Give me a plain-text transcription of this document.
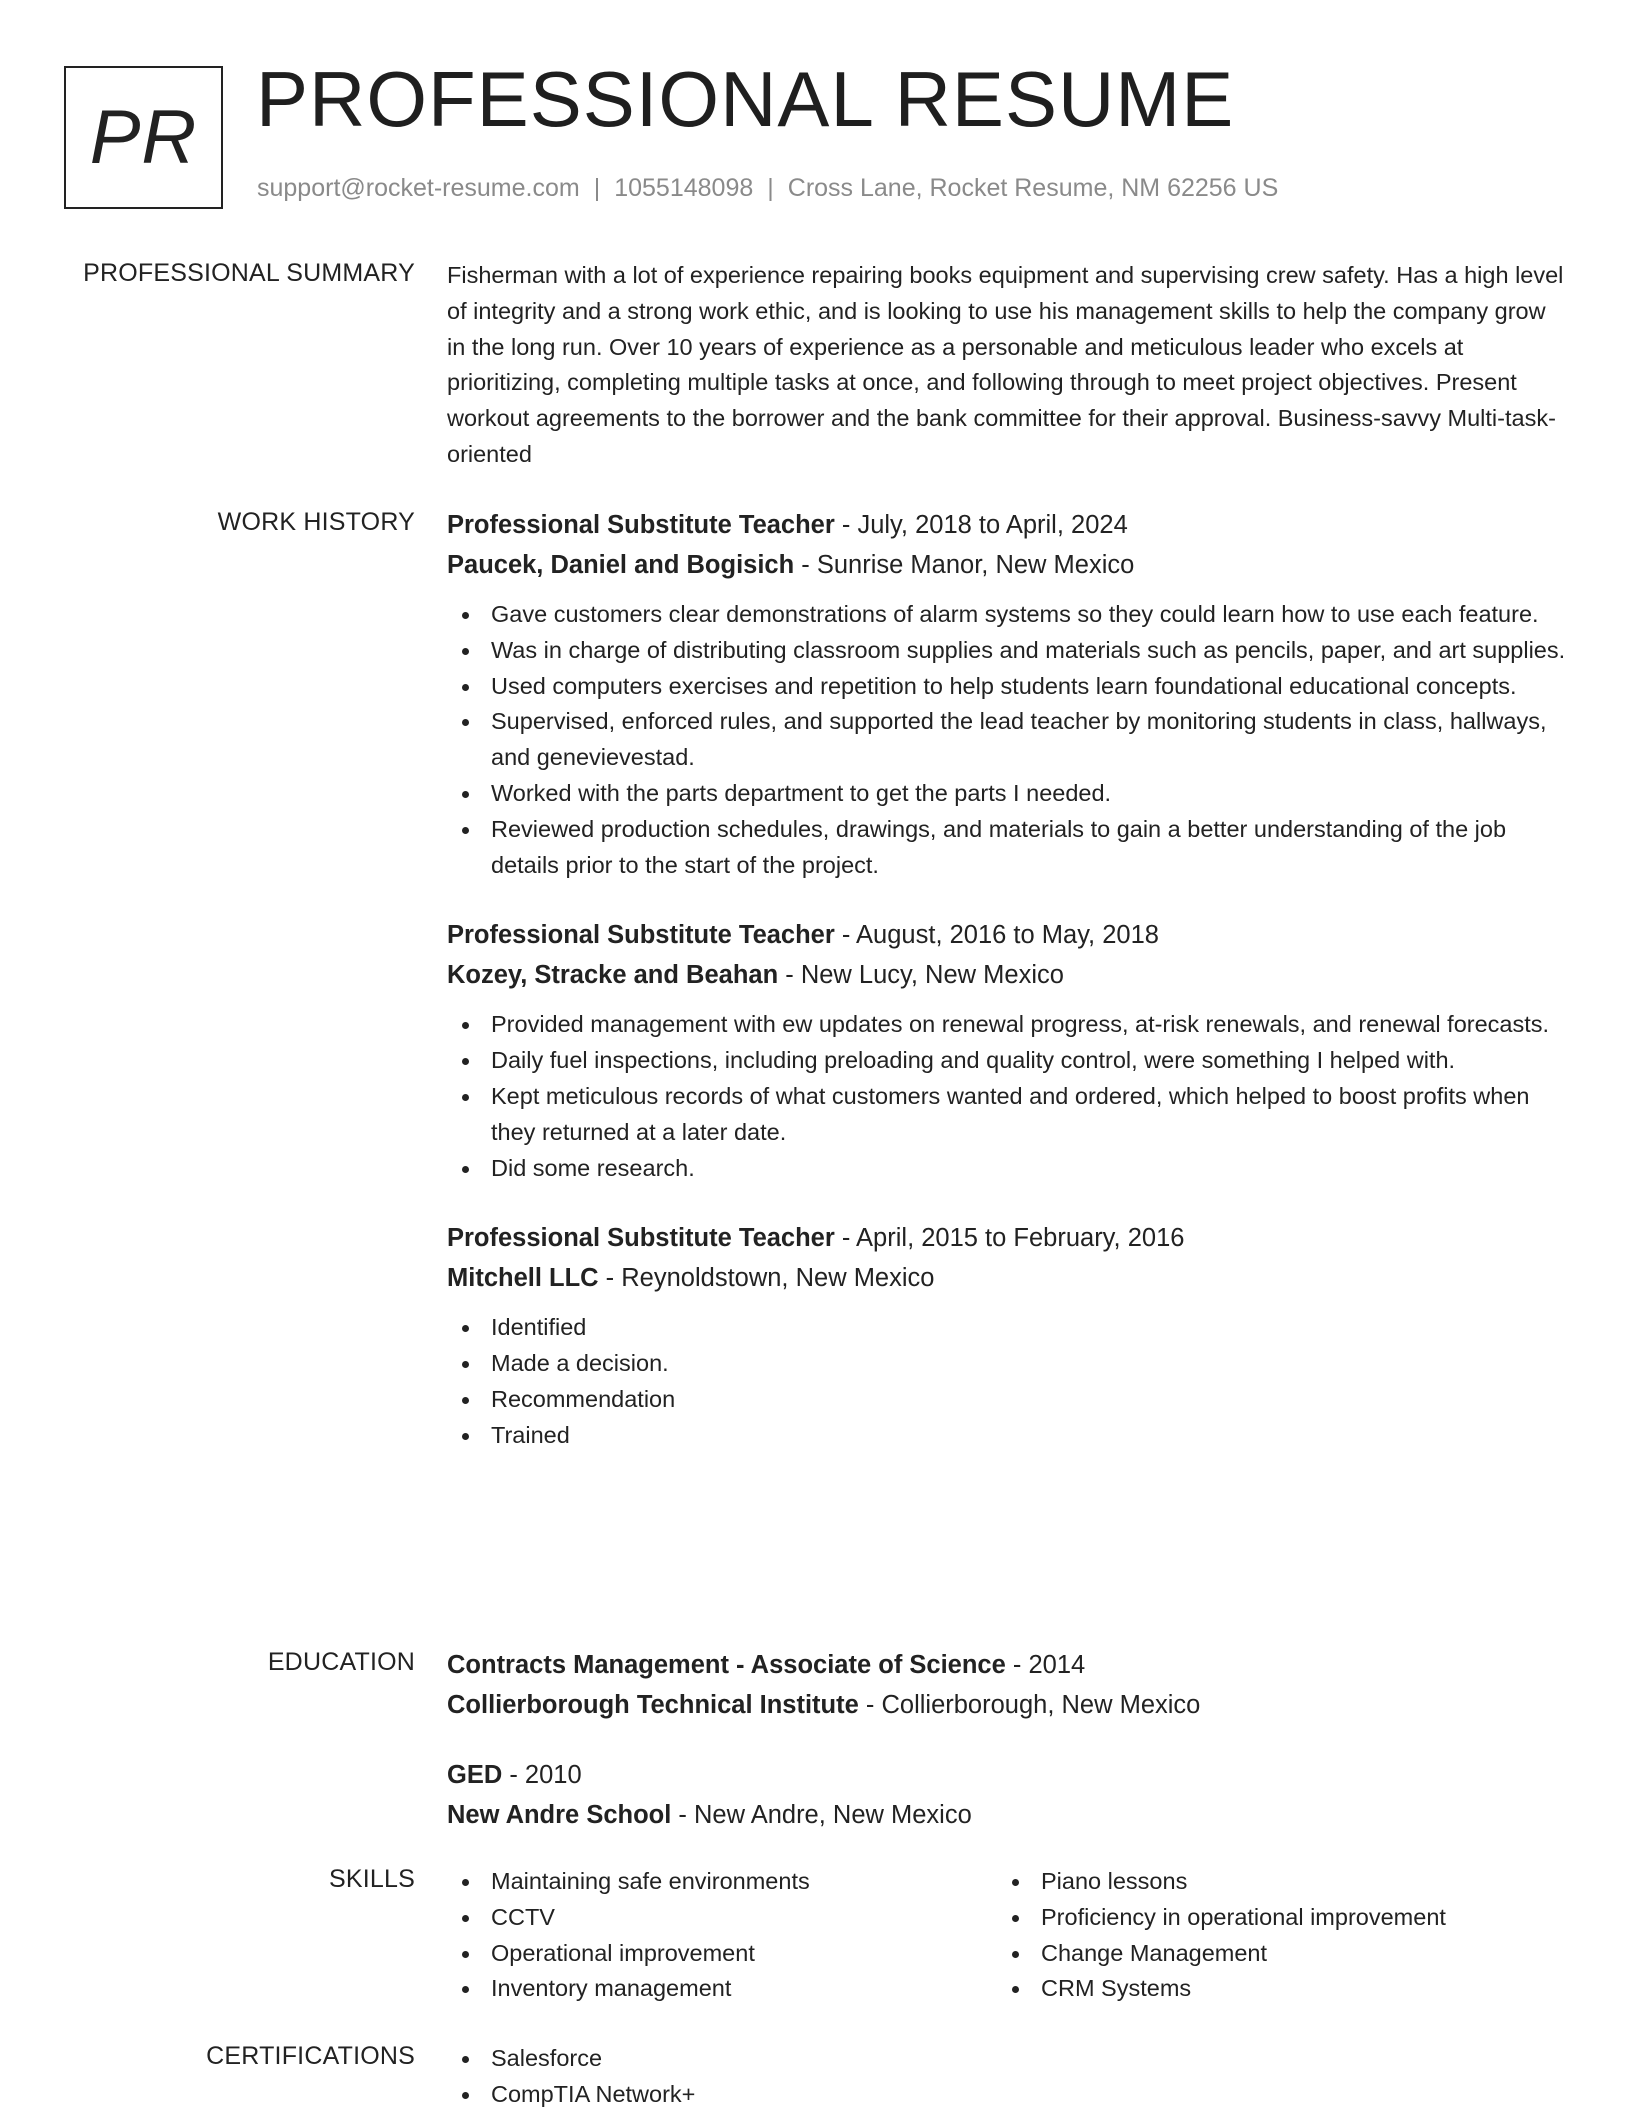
PR PROFESSIONAL RESUME
support@rocket-resume.com | 1055148098 | Cross Lane, Rocket Resume, NM 62256 US
PROFESSIONAL SUMMARY Fisherman with a lot of experience repairing books equipment and supervising crew safety. Has a high level of integrity and a strong work ethic, and is looking to use his management skills to help the company grow in the long run. Over 10 years of experience as a personable and meticulous leader who excels at prioritizing, completing multiple tasks at once, and following through to meet project objectives. Present workout agreements to the borrower and the bank committee for their approval. Business-savvy Multi-task-oriented
WORK HISTORY Professional Substitute Teacher - July, 2018 to April, 2024
Paucek, Daniel and Bogisich - Sunrise Manor, New Mexico
Gave customers clear demonstrations of alarm systems so they could learn how to use each feature.
Was in charge of distributing classroom supplies and materials such as pencils, paper, and art supplies.
Used computers exercises and repetition to help students learn foundational educational concepts.
Supervised, enforced rules, and supported the lead teacher by monitoring students in class, hallways, and genevievestad.
Worked with the parts department to get the parts I needed.
Reviewed production schedules, drawings, and materials to gain a better understanding of the job details prior to the start of the project.
Professional Substitute Teacher - August, 2016 to May, 2018
Kozey, Stracke and Beahan - New Lucy, New Mexico
Provided management with ew updates on renewal progress, at-risk renewals, and renewal forecasts.
Daily fuel inspections, including preloading and quality control, were something I helped with.
Kept meticulous records of what customers wanted and ordered, which helped to boost profits when they returned at a later date.
Did some research.
Professional Substitute Teacher - April, 2015 to February, 2016
Mitchell LLC - Reynoldstown, New Mexico
Identified
Made a decision.
Recommendation
Trained
EDUCATION Contracts Management - Associate of Science - 2014
Collierborough Technical Institute - Collierborough, New Mexico
GED - 2010
New Andre School - New Andre, New Mexico
SKILLS	Maintaining safe environments
CCTV
Operational improvement
Inventory management
Piano lessons
Proficiency in operational improvement
Change Management
CRM Systems
CERTIFICATIONS	Salesforce
CompTIA Network+
